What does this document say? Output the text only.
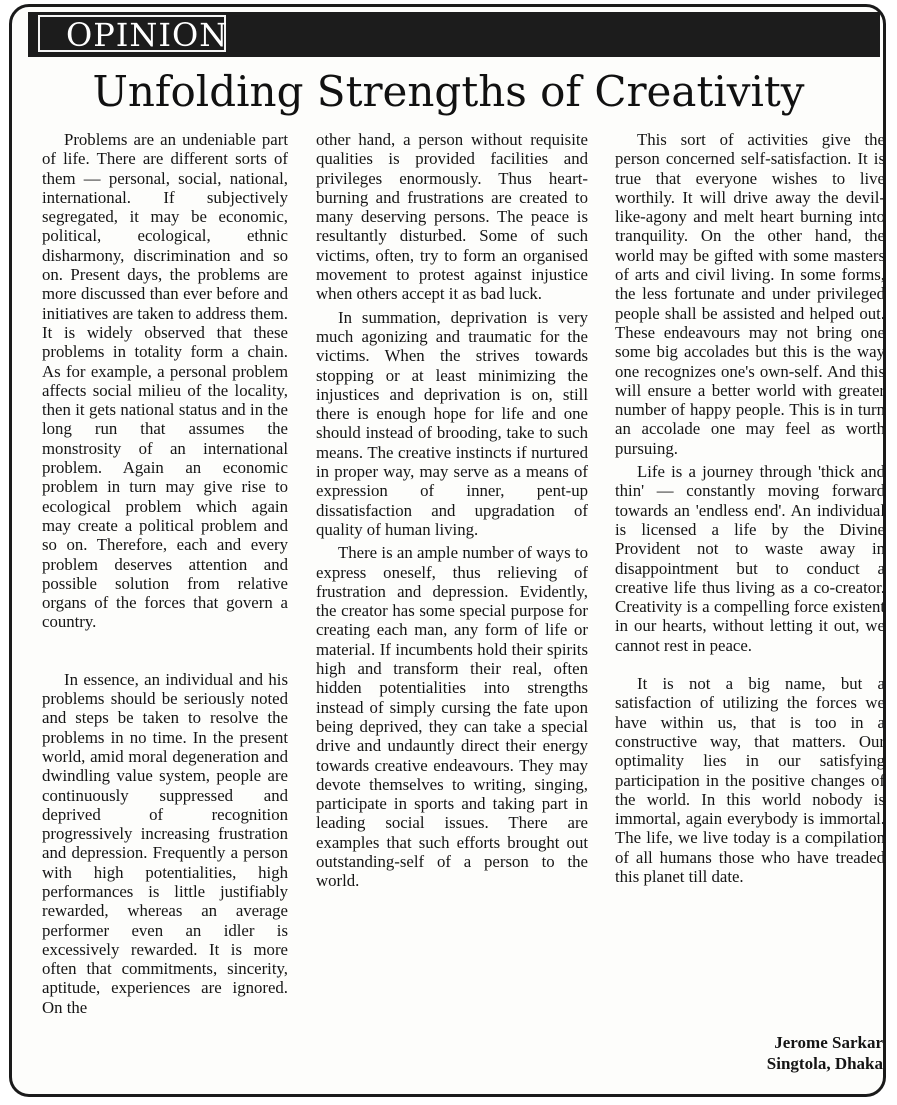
OPINION
Unfolding Strengths of Creativity

Problems are an undeniable part of life. There are different sorts of them — personal, social, national, international. If subjectively segregated, it may be economic, political, ecological, ethnic disharmony, discrimination and so on. Present days, the problems are more discussed than ever before and initiatives are taken to address them. It is widely observed that these problems in totality form a chain. As for example, a personal problem affects social milieu of the locality, then it gets national status and in the long run that assumes the monstrosity of an international problem. Again an economic problem in turn may give rise to ecological problem which again may create a political problem and so on. Therefore, each and every problem deserves attention and possible solution from relative organs of the forces that govern a country.

In essence, an individual and his problems should be seriously noted and steps be taken to resolve the problems in no time. In the present world, amid moral degeneration and dwindling value system, people are continuously suppressed and deprived of recognition progressively increasing frustration and depression. Frequently a person with high potentialities, high performances is little justifiably rewarded, whereas an average performer even an idler is excessively rewarded. It is more often that commitments, sincerity, aptitude, experiences are ignored. On the

other hand, a person without requisite qualities is provided facilities and privileges enormously. Thus heart-burning and frustrations are created to many deserving persons. The peace is resultantly disturbed. Some of such victims, often, try to form an organised movement to protest against injustice when others accept it as bad luck.

In summation, deprivation is very much agonizing and traumatic for the victims. When the strives towards stopping or at least minimizing the injustices and deprivation is on, still there is enough hope for life and one should instead of brooding, take to such means. The creative instincts if nurtured in proper way, may serve as a means of expression of inner, pent-up dissatisfaction and upgradation of quality of human living.

There is an ample number of ways to express oneself, thus relieving of frustration and depression. Evidently, the creator has some special purpose for creating each man, any form of life or material. If incumbents hold their spirits high and transform their real, often hidden potentialities into strengths instead of simply cursing the fate upon being deprived, they can take a special drive and undauntly direct their energy towards creative endeavours. They may devote themselves to writing, singing, participate in sports and taking part in leading social issues. There are examples that such efforts brought out outstanding-self of a person to the world.

This sort of activities give the person concerned self-satisfaction. It is true that everyone wishes to live worthily. It will drive away the devil-like-agony and melt heart burning into tranquility. On the other hand, the world may be gifted with some masters of arts and civil living. In some forms, the less fortunate and under privileged people shall be assisted and helped out. These endeavours may not bring one some big accolades but this is the way one recognizes one's own-self. And this will ensure a better world with greater number of happy people. This is in turn an accolade one may feel as worth pursuing.

Life is a journey through 'thick and thin' — constantly moving forward towards an 'endless end'. An individual is licensed a life by the Divine Provident not to waste away in disappointment but to conduct a creative life thus living as a co-creator. Creativity is a compelling force existent in our hearts, without letting it out, we cannot rest in peace.

It is not a big name, but a satisfaction of utilizing the forces we have within us, that is too in a constructive way, that matters. Our optimality lies in our satisfying participation in the positive changes of the world. In this world nobody is immortal, again everybody is immortal. The life, we live today is a compilation of all humans those who have treaded this planet till date.

Jerome Sarkar
Singtola, Dhaka
